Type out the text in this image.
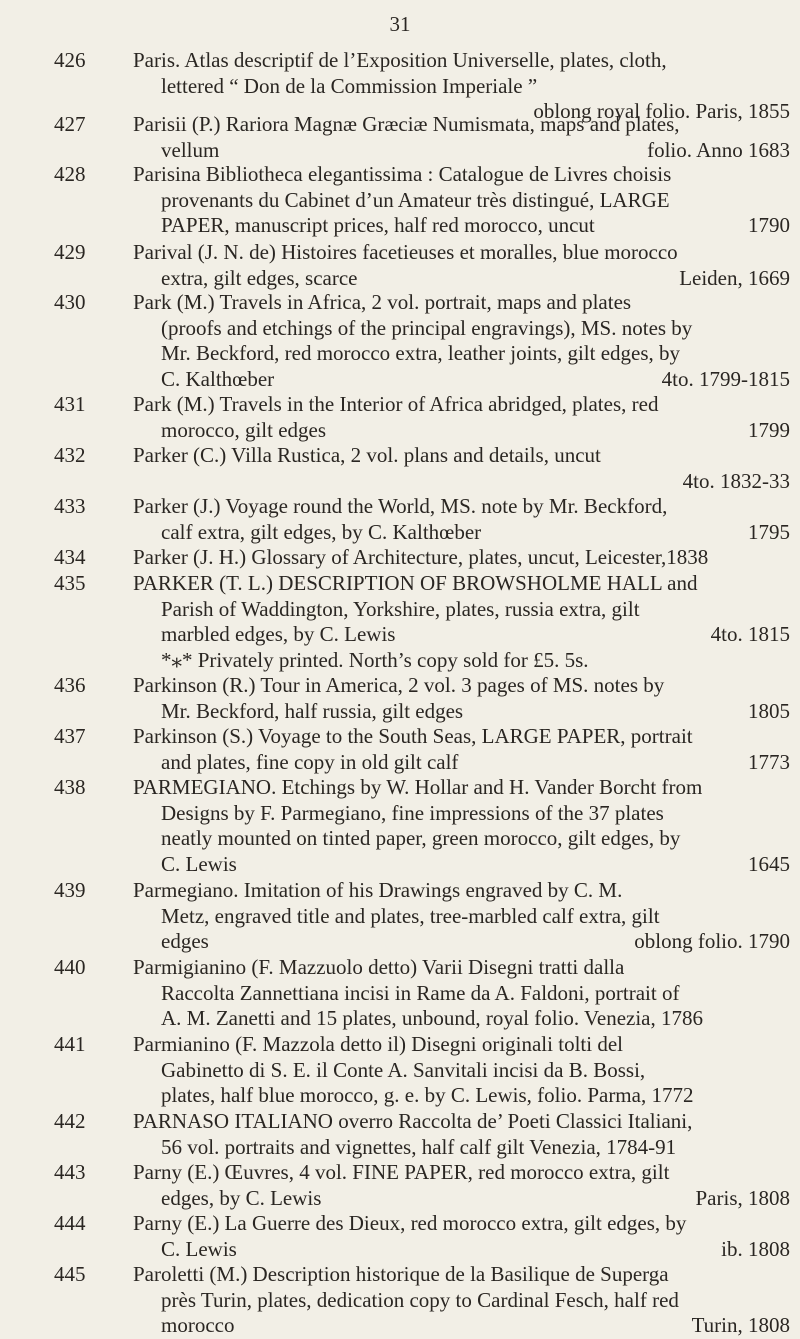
31
426 Paris. Atlas descriptif de l’Exposition Universelle, plates, cloth,
lettered “ Don de la Commission Imperiale ”
oblong royal folio. Paris, 1855
427 Parisii (P.) Rariora Magnæ Græciæ Numismata, maps and plates,
vellum	folio. Anno 1683
428 Parisina Bibliotheca elegantissima : Catalogue de Livres choisis
provenants du Cabinet d’un Amateur très distingué, LARGE
PAPER, manuscript prices, half red morocco, uncut	1790
429 Parival (J. N. de) Histoires facetieuses et moralles, blue morocco
extra, gilt edges, scarce	Leiden, 1669
430 Park (M.) Travels in Africa, 2 vol. portrait, maps and plates
(proofs and etchings of the principal engravings), MS. notes by
Mr. Beckford, red morocco extra, leather joints, gilt edges, by
C. Kalthœber	4to. 1799-1815
431 Park (M.) Travels in the Interior of Africa abridged, plates, red
morocco, gilt edges	1799
432 Parker (C.) Villa Rustica, 2 vol. plans and details, uncut
4to. 1832-33
433 Parker (J.) Voyage round the World, MS. note by Mr. Beckford,
calf extra, gilt edges, by C. Kalthœber	1795
434 Parker (J. H.) Glossary of Architecture, plates, uncut, Leicester,1838
435 PARKER (T. L.) DESCRIPTION OF BROWSHOLME HALL and
Parish of Waddington, Yorkshire, plates, russia extra, gilt
marbled edges, by C. Lewis	4to. 1815
*⁎* Privately printed. North’s copy sold for £5. 5s.
436 Parkinson (R.) Tour in America, 2 vol. 3 pages of MS. notes by
Mr. Beckford, half russia, gilt edges	1805
437 Parkinson (S.) Voyage to the South Seas, LARGE PAPER, portrait
and plates, fine copy in old gilt calf	1773
438 PARMEGIANO. Etchings by W. Hollar and H. Vander Borcht from
Designs by F. Parmegiano, fine impressions of the 37 plates
neatly mounted on tinted paper, green morocco, gilt edges, by
C. Lewis	1645
439 Parmegiano. Imitation of his Drawings engraved by C. M.
Metz, engraved title and plates, tree-marbled calf extra, gilt
edges	oblong folio. 1790
440 Parmigianino (F. Mazzuolo detto) Varii Disegni tratti dalla
Raccolta Zannettiana incisi in Rame da A. Faldoni, portrait of
A. M. Zanetti and 15 plates, unbound, royal folio. Venezia, 1786
441 Parmianino (F. Mazzola detto il) Disegni originali tolti del
Gabinetto di S. E. il Conte A. Sanvitali incisi da B. Bossi,
plates, half blue morocco, g. e. by C. Lewis, folio. Parma, 1772
442 PARNASO ITALIANO overro Raccolta de’ Poeti Classici Italiani,
56 vol. portraits and vignettes, half calf gilt Venezia, 1784-91
443 Parny (E.) Œuvres, 4 vol. FINE PAPER, red morocco extra, gilt
edges, by C. Lewis	Paris, 1808
444 Parny (E.) La Guerre des Dieux, red morocco extra, gilt edges, by
C. Lewis	ib. 1808
445 Paroletti (M.) Description historique de la Basilique de Superga
près Turin, plates, dedication copy to Cardinal Fesch, half red
morocco	Turin, 1808
